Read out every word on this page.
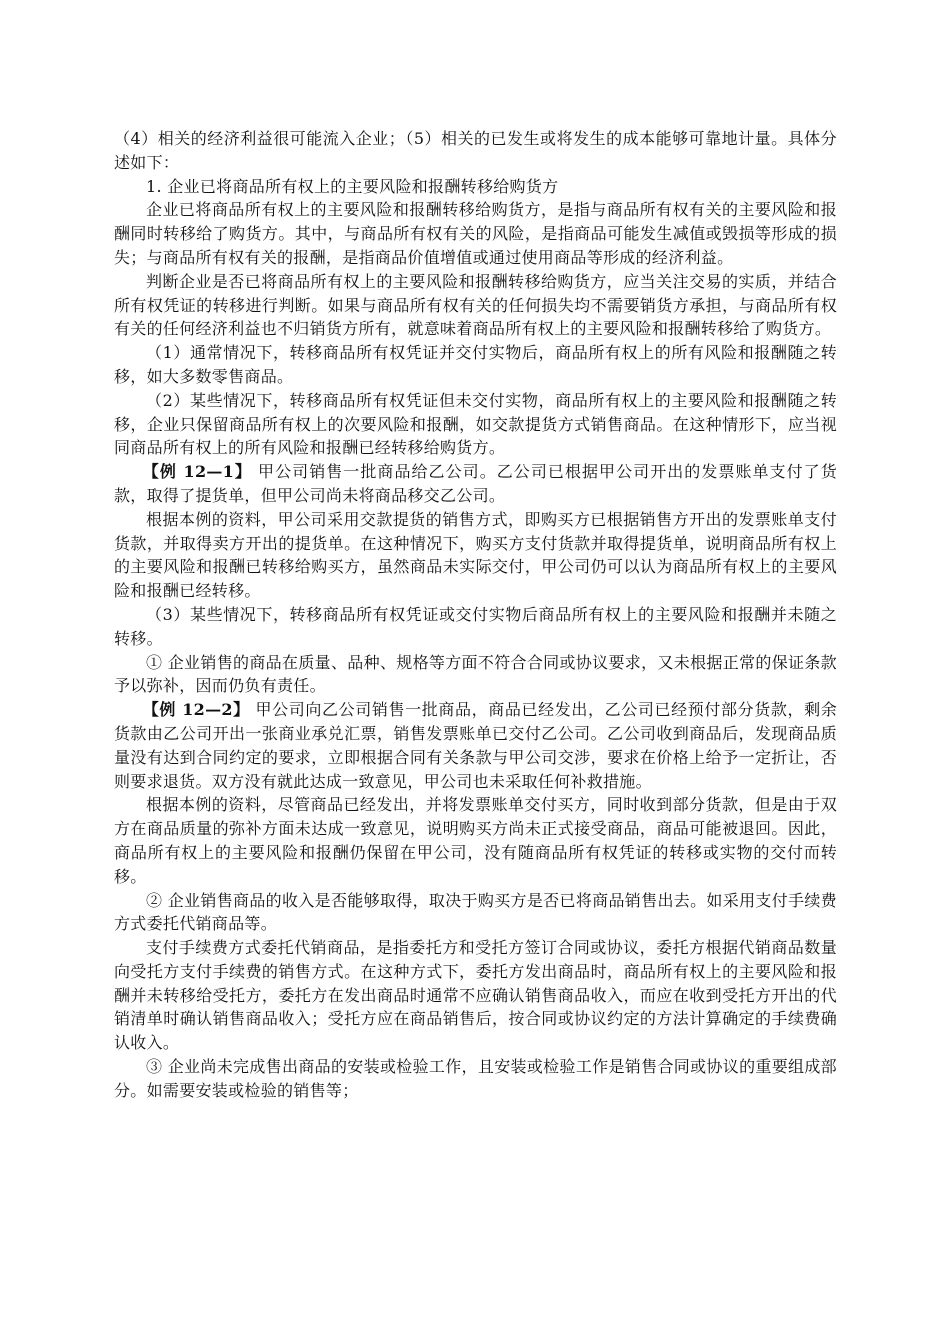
（4）相关的经济利益很可能流入企业；（5）相关的已发生或将发生的成本能够可靠地计量。具体分述如下：

1. 企业已将商品所有权上的主要风险和报酬转移给购货方

企业已将商品所有权上的主要风险和报酬转移给购货方，是指与商品所有权有关的主要风险和报酬同时转移给了购货方。其中，与商品所有权有关的风险，是指商品可能发生减值或毁损等形成的损失；与商品所有权有关的报酬，是指商品价值增值或通过使用商品等形成的经济利益。

判断企业是否已将商品所有权上的主要风险和报酬转移给购货方，应当关注交易的实质，并结合所有权凭证的转移进行判断。如果与商品所有权有关的任何损失均不需要销货方承担，与商品所有权有关的任何经济利益也不归销货方所有，就意味着商品所有权上的主要风险和报酬转移给了购货方。

（1）通常情况下，转移商品所有权凭证并交付实物后，商品所有权上的所有风险和报酬随之转移，如大多数零售商品。

（2）某些情况下，转移商品所有权凭证但未交付实物，商品所有权上的主要风险和报酬随之转移，企业只保留商品所有权上的次要风险和报酬，如交款提货方式销售商品。在这种情形下，应当视同商品所有权上的所有风险和报酬已经转移给购货方。

【例 12—1】 甲公司销售一批商品给乙公司。乙公司已根据甲公司开出的发票账单支付了货款，取得了提货单，但甲公司尚未将商品移交乙公司。

根据本例的资料，甲公司采用交款提货的销售方式，即购买方已根据销售方开出的发票账单支付货款，并取得卖方开出的提货单。在这种情况下，购买方支付货款并取得提货单，说明商品所有权上的主要风险和报酬已转移给购买方，虽然商品未实际交付，甲公司仍可以认为商品所有权上的主要风险和报酬已经转移。

（3）某些情况下，转移商品所有权凭证或交付实物后商品所有权上的主要风险和报酬并未随之转移。

① 企业销售的商品在质量、品种、规格等方面不符合合同或协议要求，又未根据正常的保证条款予以弥补，因而仍负有责任。

【例 12—2】 甲公司向乙公司销售一批商品，商品已经发出，乙公司已经预付部分货款，剩余货款由乙公司开出一张商业承兑汇票，销售发票账单已交付乙公司。乙公司收到商品后，发现商品质量没有达到合同约定的要求，立即根据合同有关条款与甲公司交涉，要求在价格上给予一定折让，否则要求退货。双方没有就此达成一致意见，甲公司也未采取任何补救措施。

根据本例的资料，尽管商品已经发出，并将发票账单交付买方，同时收到部分货款，但是由于双方在商品质量的弥补方面未达成一致意见，说明购买方尚未正式接受商品，商品可能被退回。因此，商品所有权上的主要风险和报酬仍保留在甲公司，没有随商品所有权凭证的转移或实物的交付而转移。

② 企业销售商品的收入是否能够取得，取决于购买方是否已将商品销售出去。如采用支付手续费方式委托代销商品等。

支付手续费方式委托代销商品，是指委托方和受托方签订合同或协议，委托方根据代销商品数量向受托方支付手续费的销售方式。在这种方式下，委托方发出商品时，商品所有权上的主要风险和报酬并未转移给受托方，委托方在发出商品时通常不应确认销售商品收入，而应在收到受托方开出的代销清单时确认销售商品收入；受托方应在商品销售后，按合同或协议约定的方法计算确定的手续费确认收入。

③ 企业尚未完成售出商品的安装或检验工作，且安装或检验工作是销售合同或协议的重要组成部分。如需要安装或检验的销售等；
